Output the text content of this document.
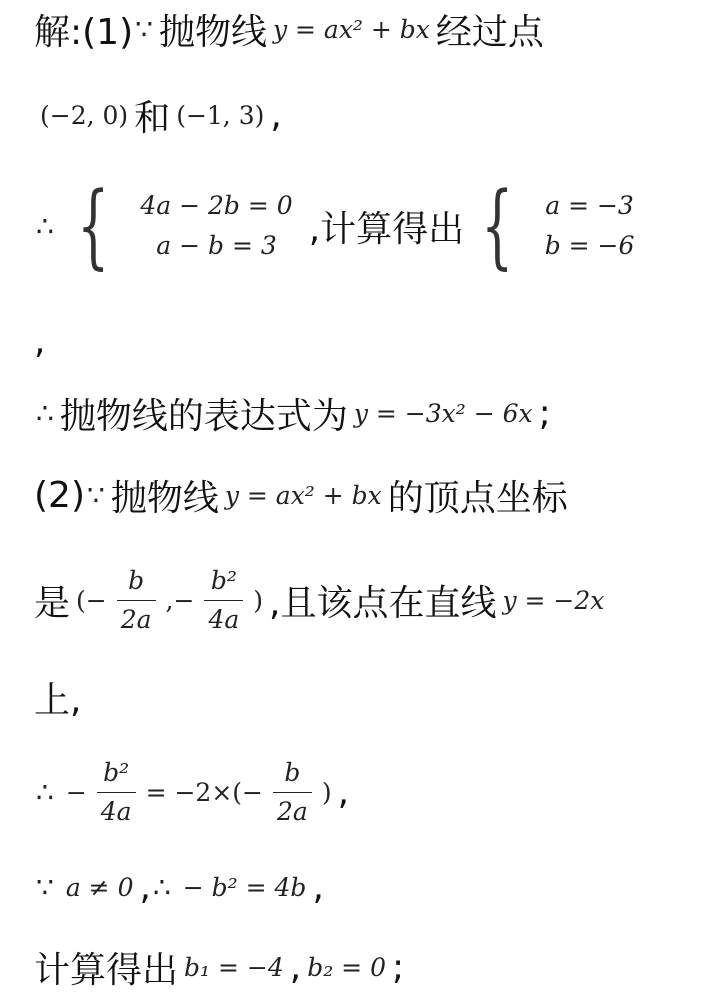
解:(1) ∵ 抛物线 y = ax² + bx 经过点
(−2, 0) 和 (−1, 3) ,
∴ { 4a − 2b = 0
a − b = 3 ,计算得出 { a = −3
b = −6
,
∴ 抛物线的表达式为 y = −3x² − 6x ;
(2) ∵ 抛物线 y = ax² + bx 的顶点坐标
是 (− $\frac{b}{2a}$ ,− $\frac{\text{b²}}{4a}$ ) ,且该点在直线 y = −2x
上,
∴ − $\frac{\text{b²}}{4a} = -2\times(- \frac{b}{2a}$ ) ,
∵ a ≠ 0 , ∴ − b² = 4b ,
计算得出 b₁ = −4 , b₂ = 0 ;
